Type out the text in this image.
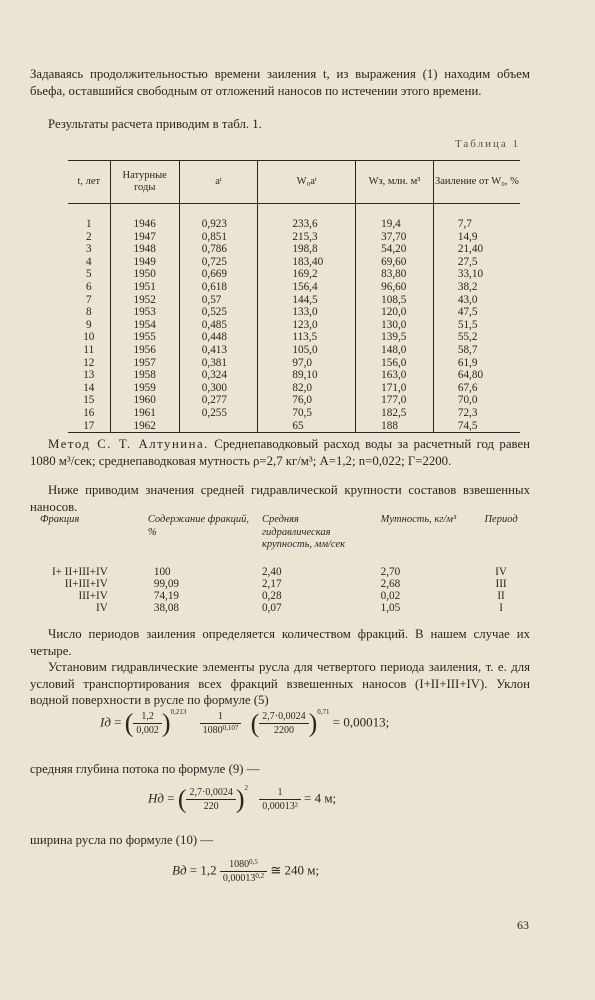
Задаваясь продолжительностью времени заиления t, из выражения (1) находим объем бьефа, оставшийся свободным от отложений наносов по истечении этого времени.

Результаты расчета приводим в табл. 1.

Таблица 1
t, лет	Натурные годы	aᵗ	W₀aᵗ	Wз, млн. м³	Заиление от W₀, %
1	1946	0,923	233,6	19,4	7,7
2	1947	0,851	215,3	37,70	14,9
3	1948	0,786	198,8	54,20	21,40
4	1949	0,725	183,40	69,60	27,5
5	1950	0,669	169,2	83,80	33,10
6	1951	0,618	156,4	96,60	38,2
7	1952	0,57	144,5	108,5	43,0
8	1953	0,525	133,0	120,0	47,5
9	1954	0,485	123,0	130,0	51,5
10	1955	0,448	113,5	139,5	55,2
11	1956	0,413	105,0	148,0	58,7
12	1957	0,381	97,0	156,0	61,9
13	1958	0,324	89,10	163,0	64,80
14	1959	0,300	82,0	171,0	67,6
15	1960	0,277	76,0	177,0	70,0
16	1961	0,255	70,5	182,5	72,3
17	1962		65	188	74,5

Метод С. Т. Алтунина. Среднепаводковый расход воды за расчетный год равен 1080 м³/сек; среднепаводковая мутность ρ=2,7 кг/м³; A=1,2; n=0,022; Г=2200.

Ниже приводим значения средней гидравлической крупности составов взвешенных наносов.

Фракция	Содержание фракций, %	Средняя гидравлическая крупность, мм/сек	Мутность, кг/м³	Период
I+ II+III+IV	100	2,40	2,70	IV
II+III+IV	99,09	2,17	2,68	III
III+IV	74,19	0,28	0,02	II
IV	38,08	0,07	1,05	I

Число периодов заиления определяется количеством фракций. В нашем случае их четыре.

Установим гидравлические элементы русла для четвертого периода заиления, т. е. для условий транспортирования всех фракций взвешенных наносов (I+II+III+IV). Уклон водной поверхности в русле по формуле (5)

Iд = ( $\frac{1,2}{0,002} )^{0,213} \frac{1}{1080^{0,107}}$ ( $\frac{2,7\cdot 0,0024}{2200} )^{0,71} = 0,00013$;

средняя глубина потока по формуле (9) —

Hд = ( $\frac{2,7\cdot 0,0024}{220} )^2 \frac{1}{\text{0,00013²}} = 4$ м;

ширина русла по формуле (10) —

Bд = $1,2 \frac{1080^{0,5}}{0,00013^{0,2}}$ ≅ 240 м;
63
